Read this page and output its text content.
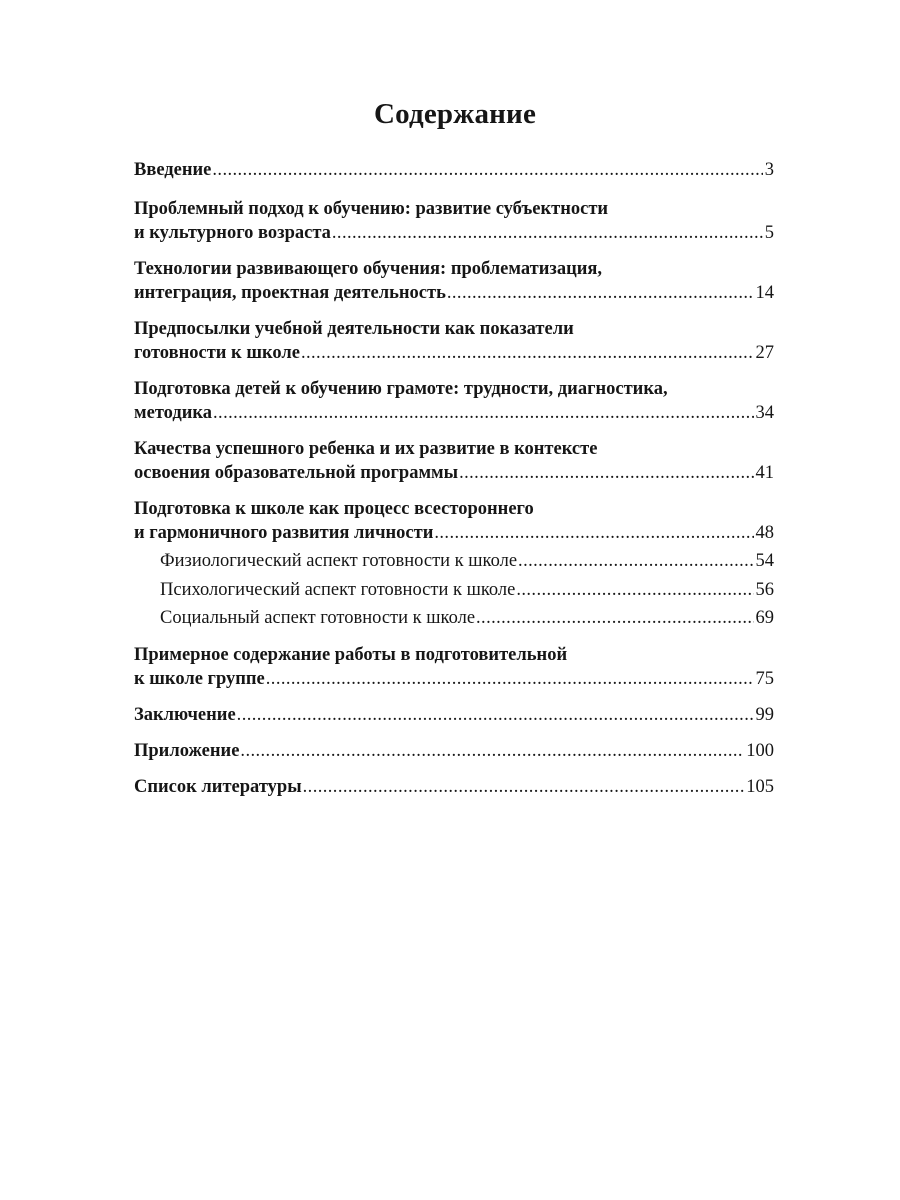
Содержание
Введение .....	3
Проблемный подход к обучению: развитие субъектности
и культурного возраста .....	5
Технологии развивающего обучения: проблематизация,
интеграция, проектная деятельность .....	14
Предпосылки учебной деятельности как показатели
готовности к школе .....	27
Подготовка детей к обучению грамоте: трудности, диагностика,
методика .....	34
Качества успешного ребенка и их развитие в контексте
освоения образовательной программы .....	41
Подготовка к школе как процесс всестороннего
и гармоничного развития личности .....	48
Физиологический аспект готовности к школе .....	54
Психологический аспект готовности к школе .....	56
Социальный аспект готовности к школе .....	69
Примерное содержание работы в подготовительной
к школе группе .....	75
Заключение .....	99
Приложение .....	100
Список литературы .....	105
